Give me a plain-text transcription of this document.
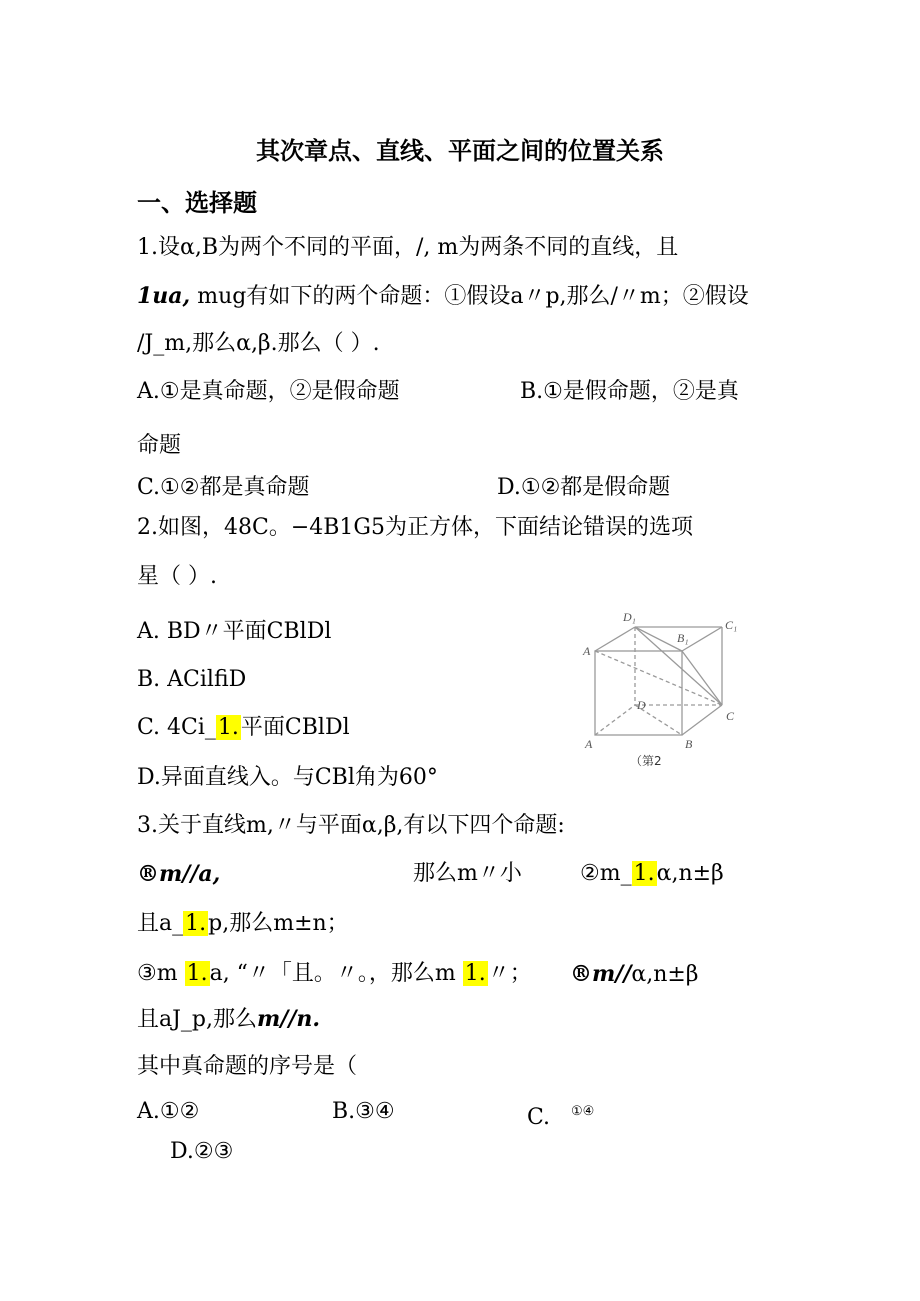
其次章点、直线、平面之间的位置关系
一、选择题
1.设α,B为两个不同的平面，/, m为两条不同的直线，且
1ua, mug有如下的两个命题：①假设a〃p,那么/〃m；②假设
/J_m,那么α,β.那么（ ）.
A.①是真命题，②是假命题	B.①是假命题，②是真
命题
C.①②都是真命题	D.①②都是假命题
2.如图，48C。−4B1G5为正方体，下面结论错误的选项
星（ ）.
A. BD〃平面CBlDl
B. ACilfiD
C. 4Ci_1.平面CBlDl
D.异面直线入。与CBl角为60°
D₁
B₁
C₁
A
D
C
A	B
（第2
3.关于直线m,〃与平面α,β,有以下四个命题:
®m//a,	那么m〃小	②m_1.α,n±β
且a_1.p,那么m±n；
③m 1.a, “〃「且。〃。，那么m 1.〃； ®m//α,n±β
且aJ_p,那么m//n.
其中真命题的序号是（
A.①②	B.③④	C. ①④
D.②③
